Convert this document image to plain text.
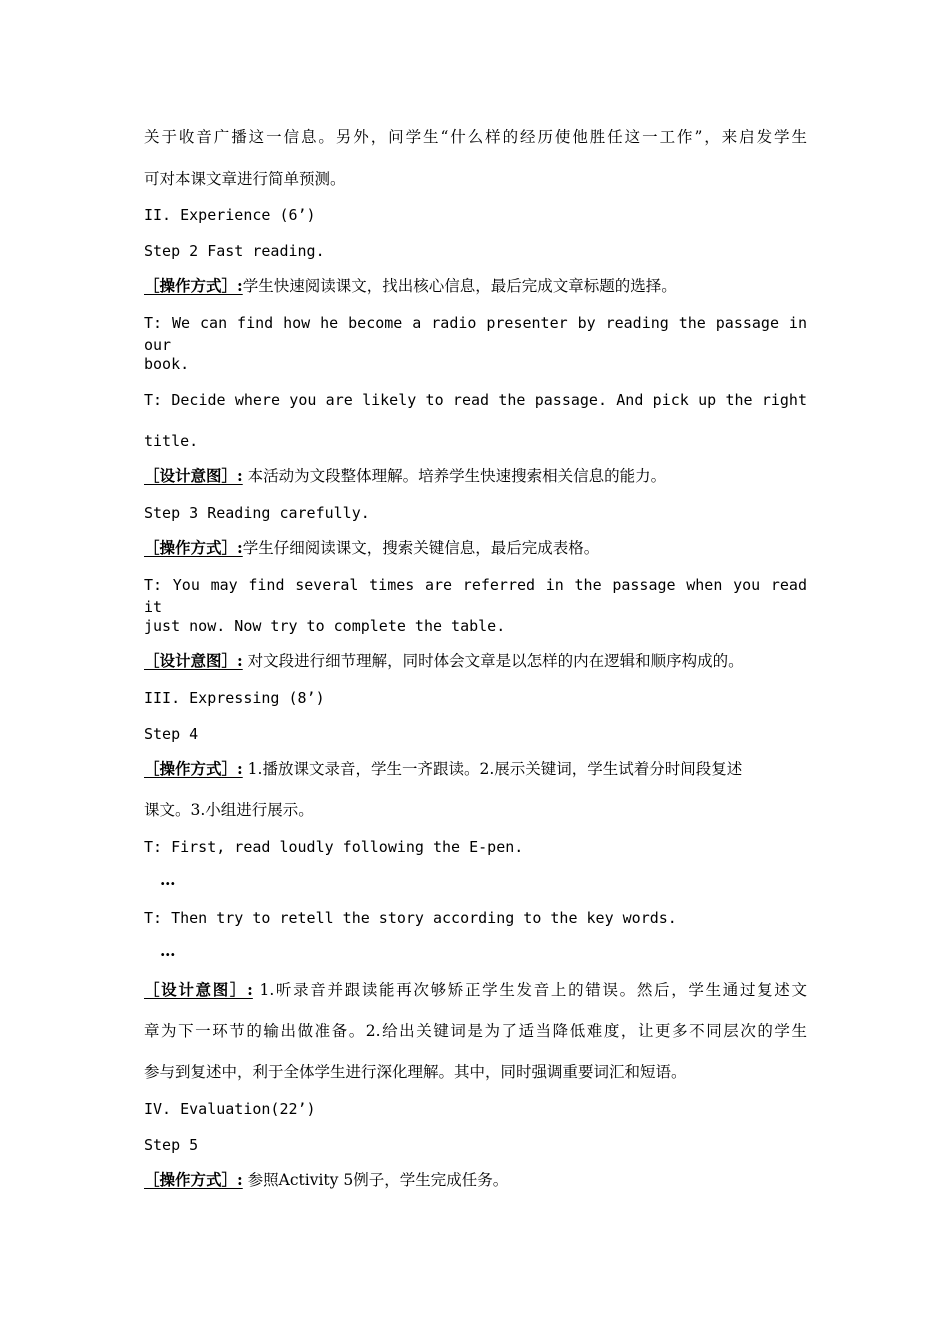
关于收音广播这一信息。另外，问学生“什么样的经历使他胜任这一工作”，来启发学生
可对本课文章进行简单预测。
II. Experience (6’)
Step 2 Fast reading.
［操作方式］:学生快速阅读课文，找出核心信息，最后完成文章标题的选择。
T: We can find how he become a radio presenter by reading the passage in our
book.
T: Decide where you are likely to read the passage. And pick up the right
title.
［设计意图］: 本活动为文段整体理解。培养学生快速搜索相关信息的能力。
Step 3 Reading carefully.
［操作方式］:学生仔细阅读课文，搜索关键信息，最后完成表格。
T: You may find several times are referred in the passage when you read it
just now. Now try to complete the table.
［设计意图］: 对文段进行细节理解，同时体会文章是以怎样的内在逻辑和顺序构成的。
III. Expressing (8’)
Step 4
［操作方式］: 1.播放课文录音，学生一齐跟读。2.展示关键词，学生试着分时间段复述
课文。3.小组进行展示。
T: First, read loudly following the E-pen.
…
T: Then try to retell the story according to the key words.
…
［设计意图］: 1.听录音并跟读能再次够矫正学生发音上的错误。然后，学生通过复述文
章为下一环节的输出做准备。2.给出关键词是为了适当降低难度，让更多不同层次的学生
参与到复述中，利于全体学生进行深化理解。其中，同时强调重要词汇和短语。
IV. Evaluation(22’)
Step 5
［操作方式］: 参照Activity 5例子，学生完成任务。
